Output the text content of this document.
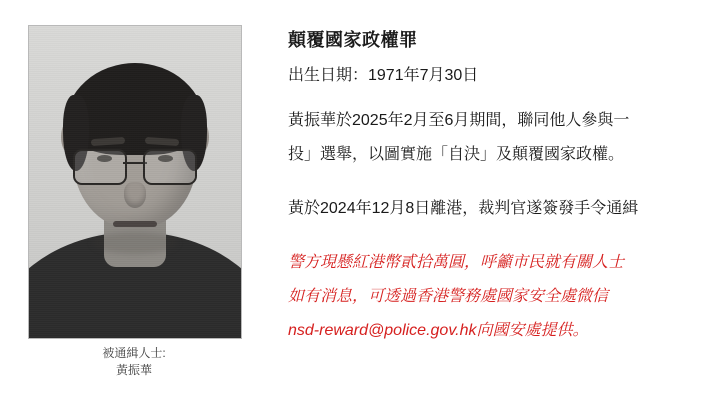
被通緝人士:
黃振華
顛覆國家政權罪
出生日期：1971年7月30日
黃振華於2025年2月至6月期間，聯同他人參與一
投」選舉，以圖實施「自決」及顛覆國家政權。
黃於2024年12月8日離港，裁判官遂簽發手令通緝
警方現懸紅港幣貳拾萬圓，呼籲市民就有關人士
如有消息，可透過香港警務處國家安全處微信
nsd-reward@police.gov.hk向國安處提供。
